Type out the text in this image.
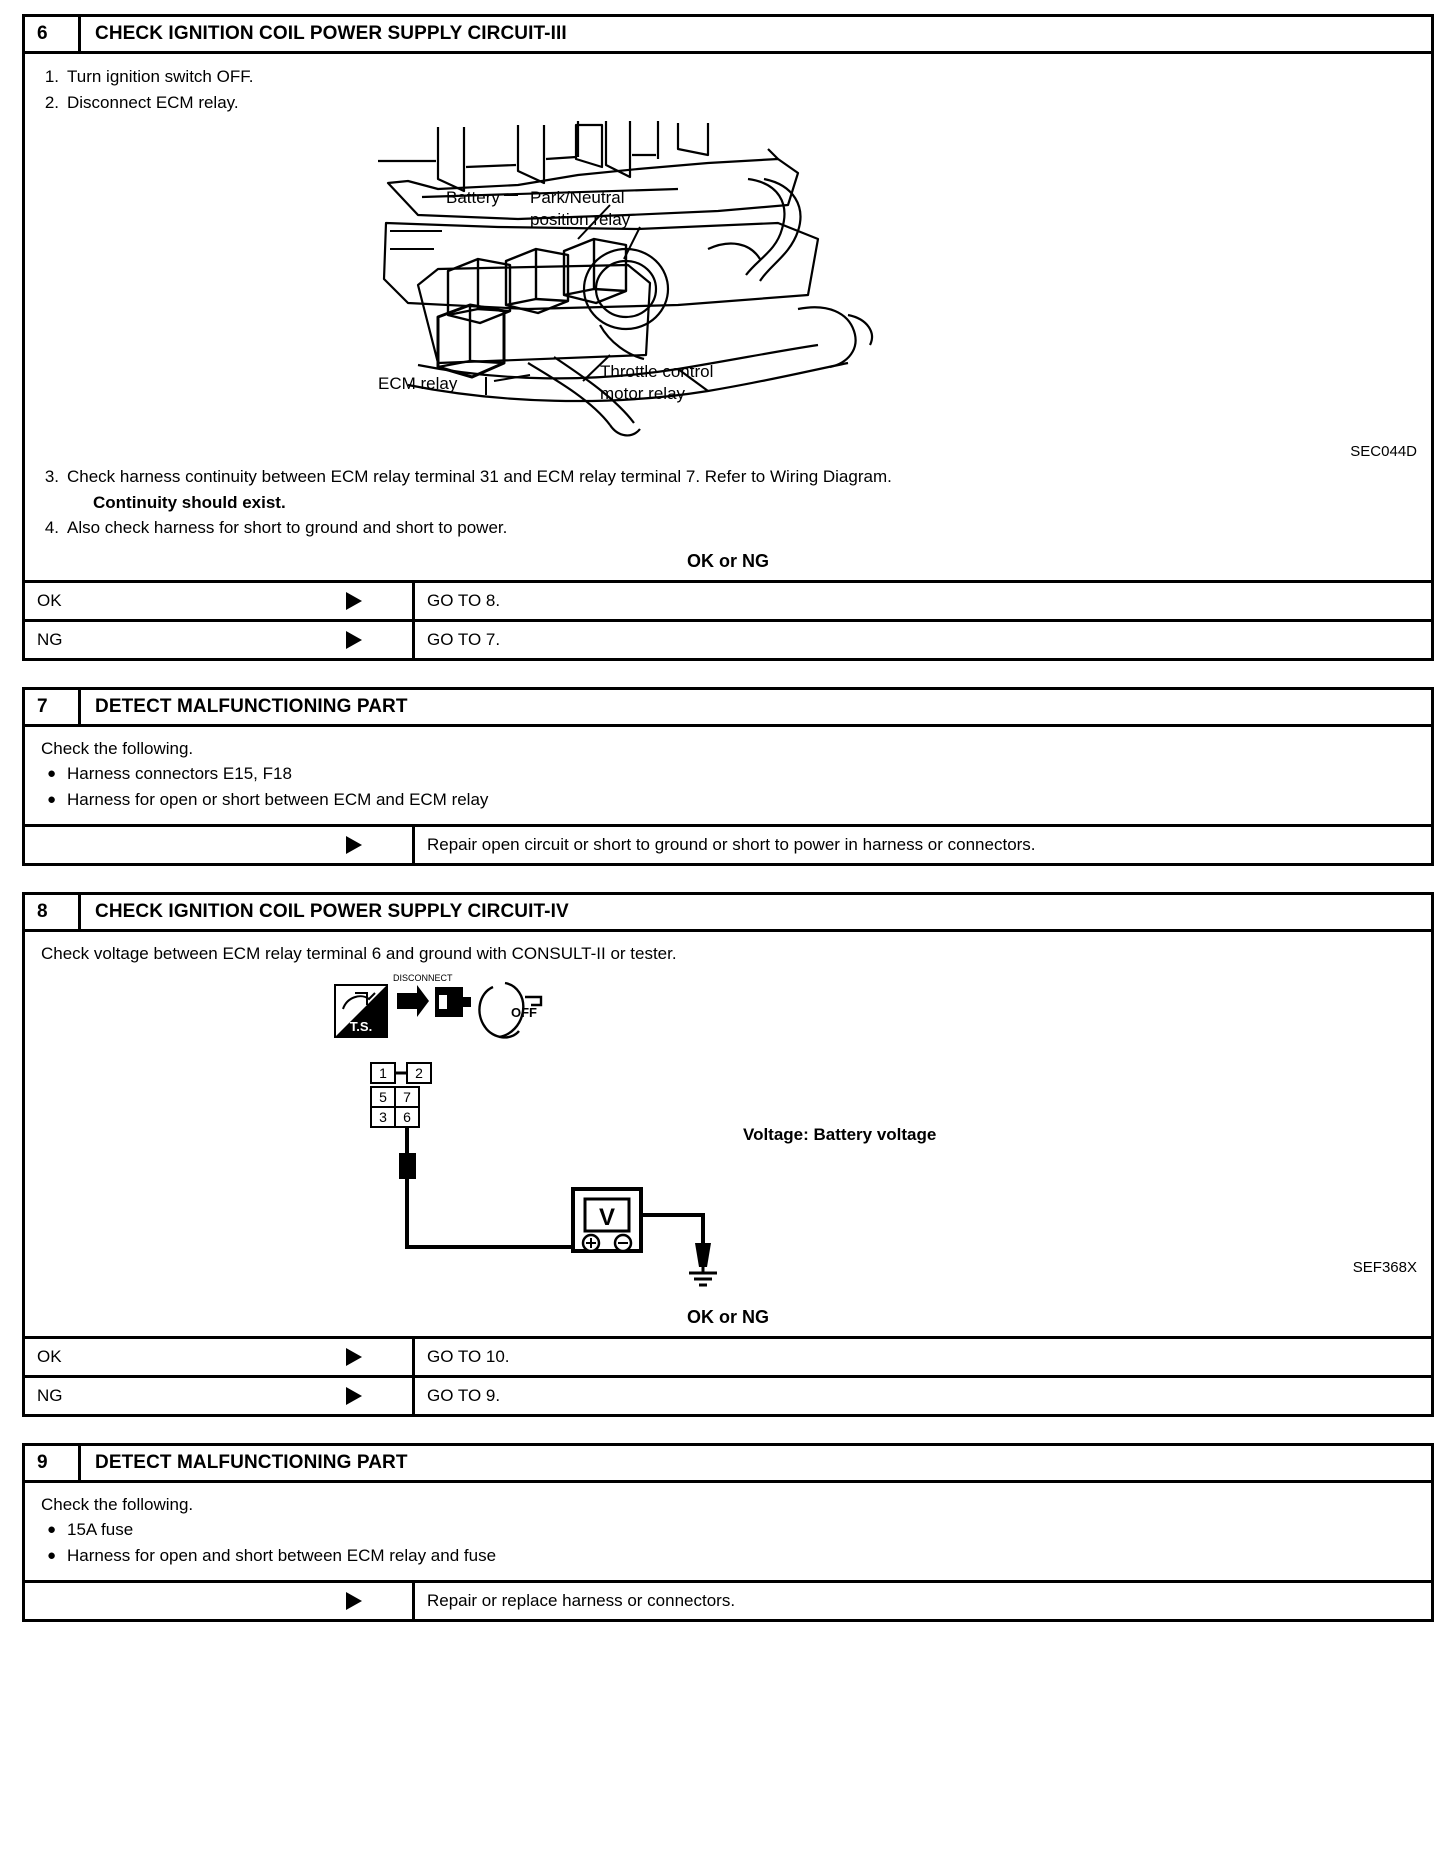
6	CHECK IGNITION COIL POWER SUPPLY CIRCUIT-III
1. Turn ignition switch OFF.
2. Disconnect ECM relay.
Battery Park/Neutral
position relay
ECM relay
Throttle control
motor relay
SEC044D
3. Check harness continuity between ECM relay terminal 31 and ECM relay terminal 7. Refer to Wiring Diagram.
Continuity should exist.
4. Also check harness for short to ground and short to power.
OK or NG
OK	GO TO 8.
NG	GO TO 7.
7	DETECT MALFUNCTIONING PART
Check the following.
● Harness connectors E15, F18
● Harness for open or short between ECM and ECM relay
Repair open circuit or short to ground or short to power in harness or connectors.
8	CHECK IGNITION COIL POWER SUPPLY CIRCUIT-IV
Check voltage between ECM relay terminal 6 and ground with CONSULT-II or tester.
T.S.
DISCONNECT
OFF
1 2
5 7
3 6
V
Voltage: Battery voltage
SEF368X
OK or NG
OK	GO TO 10.
NG	GO TO 9.
9	DETECT MALFUNCTIONING PART
Check the following.
● 15A fuse
● Harness for open and short between ECM relay and fuse
Repair or replace harness or connectors.
